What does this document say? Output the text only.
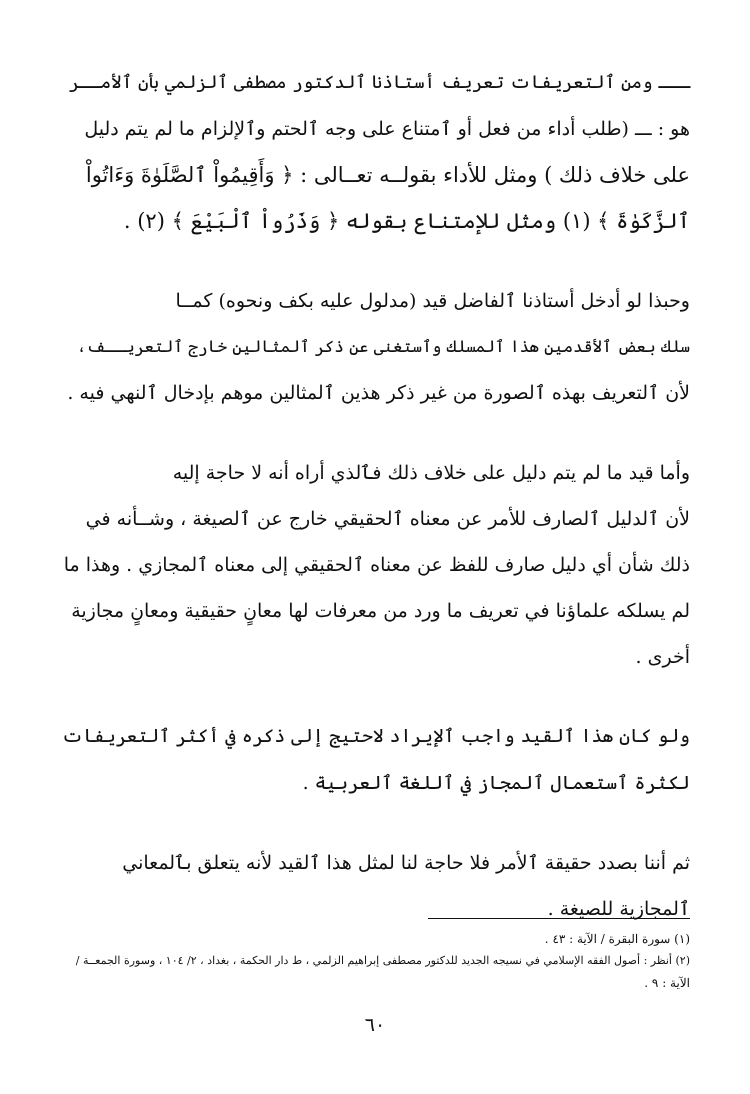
ـــ ومن ٱلتعريفات تعريف أستاذنا ٱلدكتور مصطفى ٱلزلمي بأن ٱلأمــر
هو : ـــ (طلب أداء من فعل أو ٱمتناع على وجه ٱلحتم وٱلإلزام ما لم يتم دليل
على خلاف ذلك ) ومثل للأداء بقولــه تعــالى : ﴿ وَأَقِيمُواْ ٱلصَّلَوٰةَ وَءَاتُواْ
ٱلزَّكَوٰةَ ﴾ (١) ومثل للإمتناع بقوله ﴿ وَذَرُواْ ٱلْبَيْعَ ﴾ (٢) .

وحبذا لو أدخل أستاذنا ٱلفاضل قيد (مدلول عليه بكف ونحوه) كمــا
سلك بعض ٱلأقدمين هذا ٱلمسلك وٱستغنى عن ذكر ٱلمثالين خارج ٱلتعريــف،
لأن ٱلتعريف بهذه ٱلصورة من غير ذكر هذين ٱلمثالين موهم بإدخال ٱلنهي فيه .

وأما قيد ما لم يتم دليل على خلاف ذلك فٱلذي أراه أنه لا حاجة إليه
لأن ٱلدليل ٱلصارف للأمر عن معناه ٱلحقيقي خارج عن ٱلصيغة ، وشــأنه في
ذلك شأن أي دليل صارف للفظ عن معناه ٱلحقيقي إلى معناه ٱلمجازي . وهذا ما
لم يسلكه علماؤنا في تعريف ما ورد من معرفات لها معانٍ حقيقية ومعانٍ مجازية
أخرى .

ولو كان هذا ٱلقيد واجب ٱلإيراد لاحتيج إلى ذكره في أكثر ٱلتعريفات
لكثرة ٱستعمال ٱلمجاز في ٱللغة ٱلعربية .

ثم أننا بصدد حقيقة ٱلأمر فلا حاجة لنا لمثل هذا ٱلقيد لأنه يتعلق بٱلمعاني
ٱلمجازية للصيغة .

(١) سورة البقرة / الآية : ٤٣ .
(٢) أنظر : أصول الفقه الإسلامي في نسيجه الجديد للدكتور مصطفى إبراهيم الزلمي ، ط دار الحكمة ، بغداد ، ٢/ ١٠٤ ، وسورة الجمعــة /
الآية : ٩ .
٦٠
